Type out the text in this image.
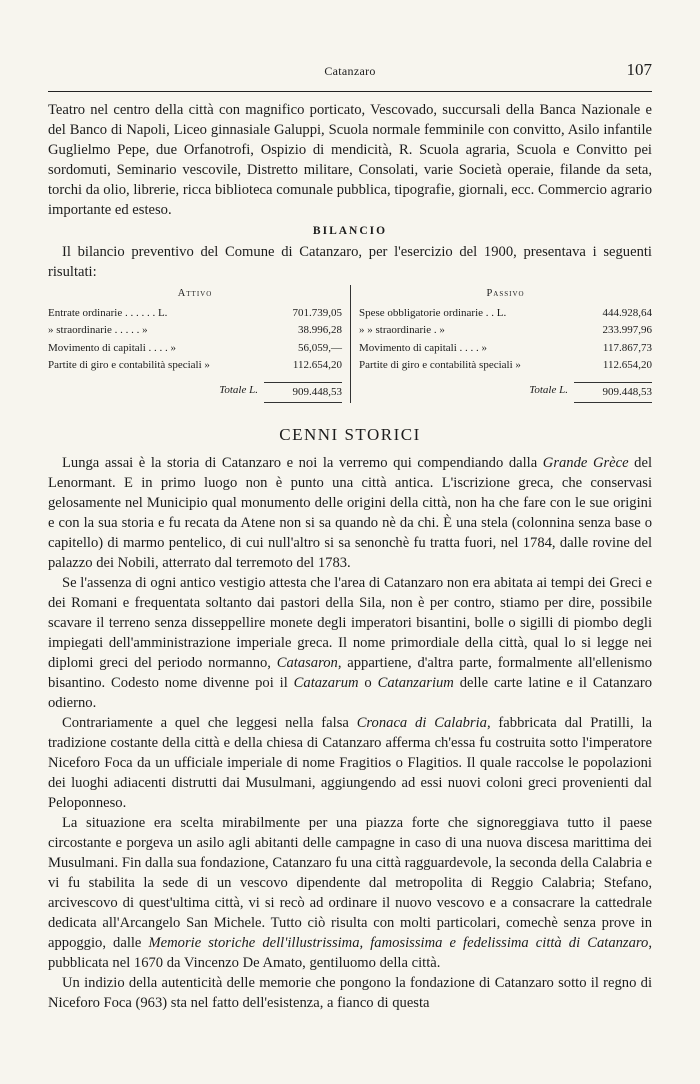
Catanzaro	107

Teatro nel centro della città con magnifico porticato, Vescovado, succursali della Banca Nazionale e del Banco di Napoli, Liceo ginnasiale Galuppi, Scuola normale femminile con convitto, Asilo infantile Guglielmo Pepe, due Orfanotrofi, Ospizio di mendicità, R. Scuola agraria, Scuola e Convitto pei sordomuti, Seminario vescovile, Distretto militare, Consolati, varie Società operaie, filande da seta, torchi da olio, librerie, ricca biblioteca comunale pubblica, tipografie, giornali, ecc. Commercio agrario importante ed esteso.

BILANCIO

Il bilancio preventivo del Comune di Catanzaro, per l'esercizio del 1900, presentava i seguenti risultati:

Attivo
Entrate ordinarie . . . . . . L.	701.739,05
» straordinarie . . . . . »	38.996,28
Movimento di capitali . . . . »	56,059,—
Partite di giro e contabilità speciali »	112.654,20
Totale L.	909.448,53
Passivo
Spese obbligatorie ordinarie . . L.	444.928,64
» » straordinarie . »	233.997,96
Movimento di capitali . . . . »	117.867,73
Partite di giro e contabilità speciali »	112.654,20
Totale L.	909.448,53
CENNI STORICI

Lunga assai è la storia di Catanzaro e noi la verremo qui compendiando dalla Grande Grèce del Lenormant. E in primo luogo non è punto una città antica. L'iscrizione greca, che conservasi gelosamente nel Municipio qual monumento delle origini della città, non ha che fare con le sue origini e con la sua storia e fu recata da Atene non si sa quando nè da chi. È una stela (colonnina senza base o capitello) di marmo pentelico, di cui null'altro si sa senonchè fu tratta fuori, nel 1784, dalle rovine del palazzo dei Nobili, atterrato dal terremoto del 1783.

Se l'assenza di ogni antico vestigio attesta che l'area di Catanzaro non era abitata ai tempi dei Greci e dei Romani e frequentata soltanto dai pastori della Sila, non è per contro, stiamo per dire, possibile scavare il terreno senza disseppellire monete degli imperatori bisantini, bolle o sigilli di piombo degli impiegati dell'amministrazione imperiale greca. Il nome primordiale della città, qual lo si legge nei diplomi greci del periodo normanno, Catasaron, appartiene, d'altra parte, formalmente all'ellenismo bisantino. Codesto nome divenne poi il Catazarum o Catanzarium delle carte latine e il Catanzaro odierno.

Contrariamente a quel che leggesi nella falsa Cronaca di Calabria, fabbricata dal Pratilli, la tradizione costante della città e della chiesa di Catanzaro afferma ch'essa fu costruita sotto l'imperatore Niceforo Foca da un ufficiale imperiale di nome Fragitios o Flagitios. Il quale raccolse le popolazioni dei luoghi adiacenti distrutti dai Musulmani, aggiungendo ad essi nuovi coloni greci provenienti dal Peloponneso.

La situazione era scelta mirabilmente per una piazza forte che signoreggiava tutto il paese circostante e porgeva un asilo agli abitanti delle campagne in caso di una nuova discesa marittima dei Musulmani. Fin dalla sua fondazione, Catanzaro fu una città ragguardevole, la seconda della Calabria e vi fu stabilita la sede di un vescovo dipendente dal metropolita di Reggio Calabria; Stefano, arcivescovo di quest'ultima città, vi si recò ad ordinare il nuovo vescovo e a consacrare la cattedrale dedicata all'Arcangelo San Michele. Tutto ciò risulta con molti particolari, comechè senza prove in appoggio, dalle Memorie storiche dell'illustrissima, famosissima e fedelissima città di Catanzaro, pubblicata nel 1670 da Vincenzo De Amato, gentiluomo della città.

Un indizio della autenticità delle memorie che pongono la fondazione di Catanzaro sotto il regno di Niceforo Foca (963) sta nel fatto dell'esistenza, a fianco di questa
